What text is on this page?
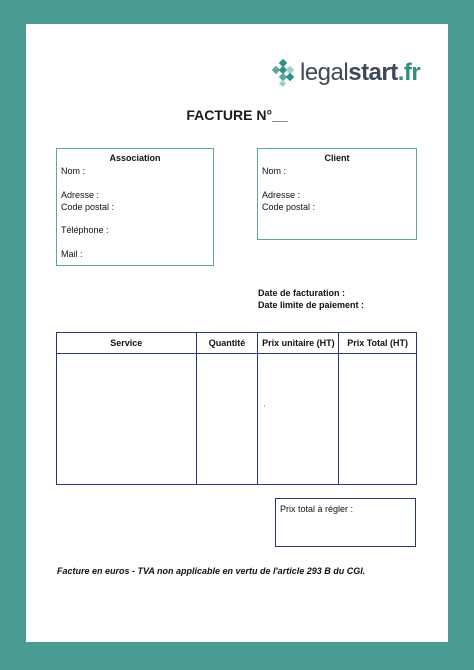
legalstart.fr
FACTURE N°__
Association
Nom :
Adresse :
Code postal :
Téléphone :
Mail :
Client
Nom :
Adresse :
Code postal :
Date de facturation :
Date limite de paiement :
Service	Quantité	Prix unitaire (HT)	Prix Total (HT)

'
Prix total à régler :
Facture en euros - TVA non applicable en vertu de l'article 293 B du CGI.
